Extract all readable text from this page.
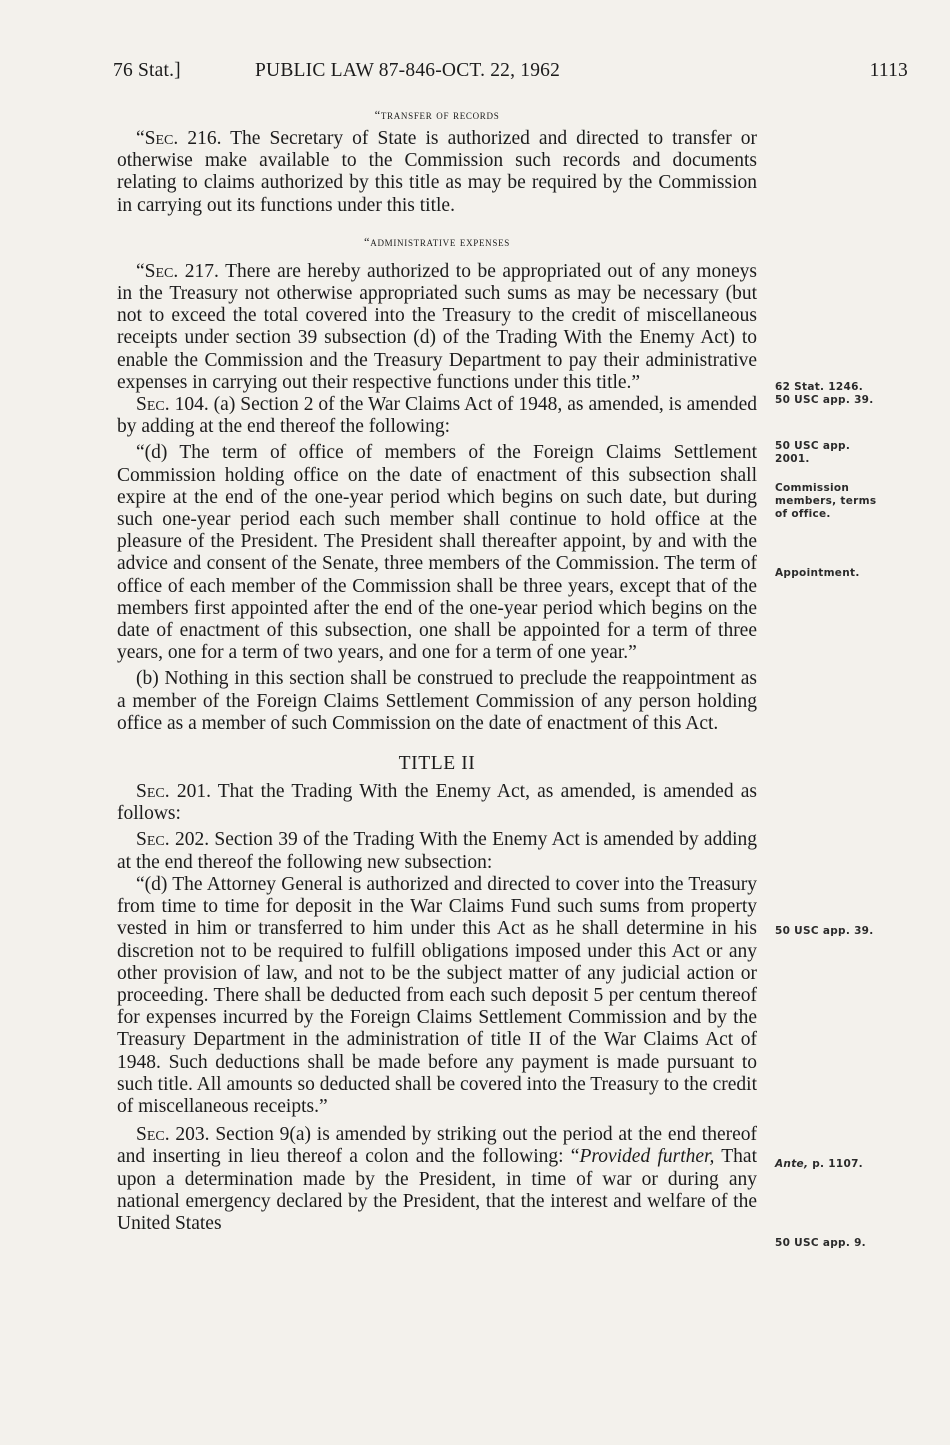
76 Stat.]	PUBLIC LAW 87-846-OCT. 22, 1962	1113
“transfer of records

“Sec. 216. The Secretary of State is authorized and directed to transfer or otherwise make available to the Commission such records and documents relating to claims authorized by this title as may be required by the Commission in carrying out its functions under this title.

“administrative expenses

“Sec. 217. There are hereby authorized to be appropriated out of any moneys in the Treasury not otherwise appropriated such sums as may be necessary (but not to exceed the total covered into the Treasury to the credit of miscellaneous receipts under section 39 subsection (d) of the Trading With the Enemy Act) to enable the Commission and the Treasury Department to pay their administrative expenses in carrying out their respective functions under this title.”

Sec. 104. (a) Section 2 of the War Claims Act of 1948, as amended, is amended by adding at the end thereof the following:

“(d) The term of office of members of the Foreign Claims Settlement Commission holding office on the date of enactment of this subsection shall expire at the end of the one-year period which begins on such date, but during such one-year period each such member shall continue to hold office at the pleasure of the President. The President shall thereafter appoint, by and with the advice and consent of the Senate, three members of the Commission. The term of office of each member of the Commission shall be three years, except that of the members first appointed after the end of the one-year period which begins on the date of enactment of this subsection, one shall be appointed for a term of three years, one for a term of two years, and one for a term of one year.”

(b) Nothing in this section shall be construed to preclude the reappointment as a member of the Foreign Claims Settlement Commission of any person holding office as a member of such Commission on the date of enactment of this Act.

TITLE II

Sec. 201. That the Trading With the Enemy Act, as amended, is amended as follows:

Sec. 202. Section 39 of the Trading With the Enemy Act is amended by adding at the end thereof the following new subsection:

“(d) The Attorney General is authorized and directed to cover into the Treasury from time to time for deposit in the War Claims Fund such sums from property vested in him or transferred to him under this Act as he shall determine in his discretion not to be required to fulfill obligations imposed under this Act or any other provision of law, and not to be the subject matter of any judicial action or proceeding. There shall be deducted from each such deposit 5 per centum thereof for expenses incurred by the Foreign Claims Settlement Commission and by the Treasury Department in the administration of title II of the War Claims Act of 1948. Such deductions shall be made before any payment is made pursuant to such title. All amounts so deducted shall be covered into the Treasury to the credit of miscellaneous receipts.”

Sec. 203. Section 9(a) is amended by striking out the period at the end thereof and inserting in lieu thereof a colon and the following: “Provided further, That upon a determination made by the President, in time of war or during any national emergency declared by the President, that the interest and welfare of the United States

62 Stat. 1246.
50 USC app. 39.
50 USC app.
2001.
Commission
members, terms
of office.
Appointment.
50 USC app. 39.
Ante, p. 1107.
50 USC app. 9.
